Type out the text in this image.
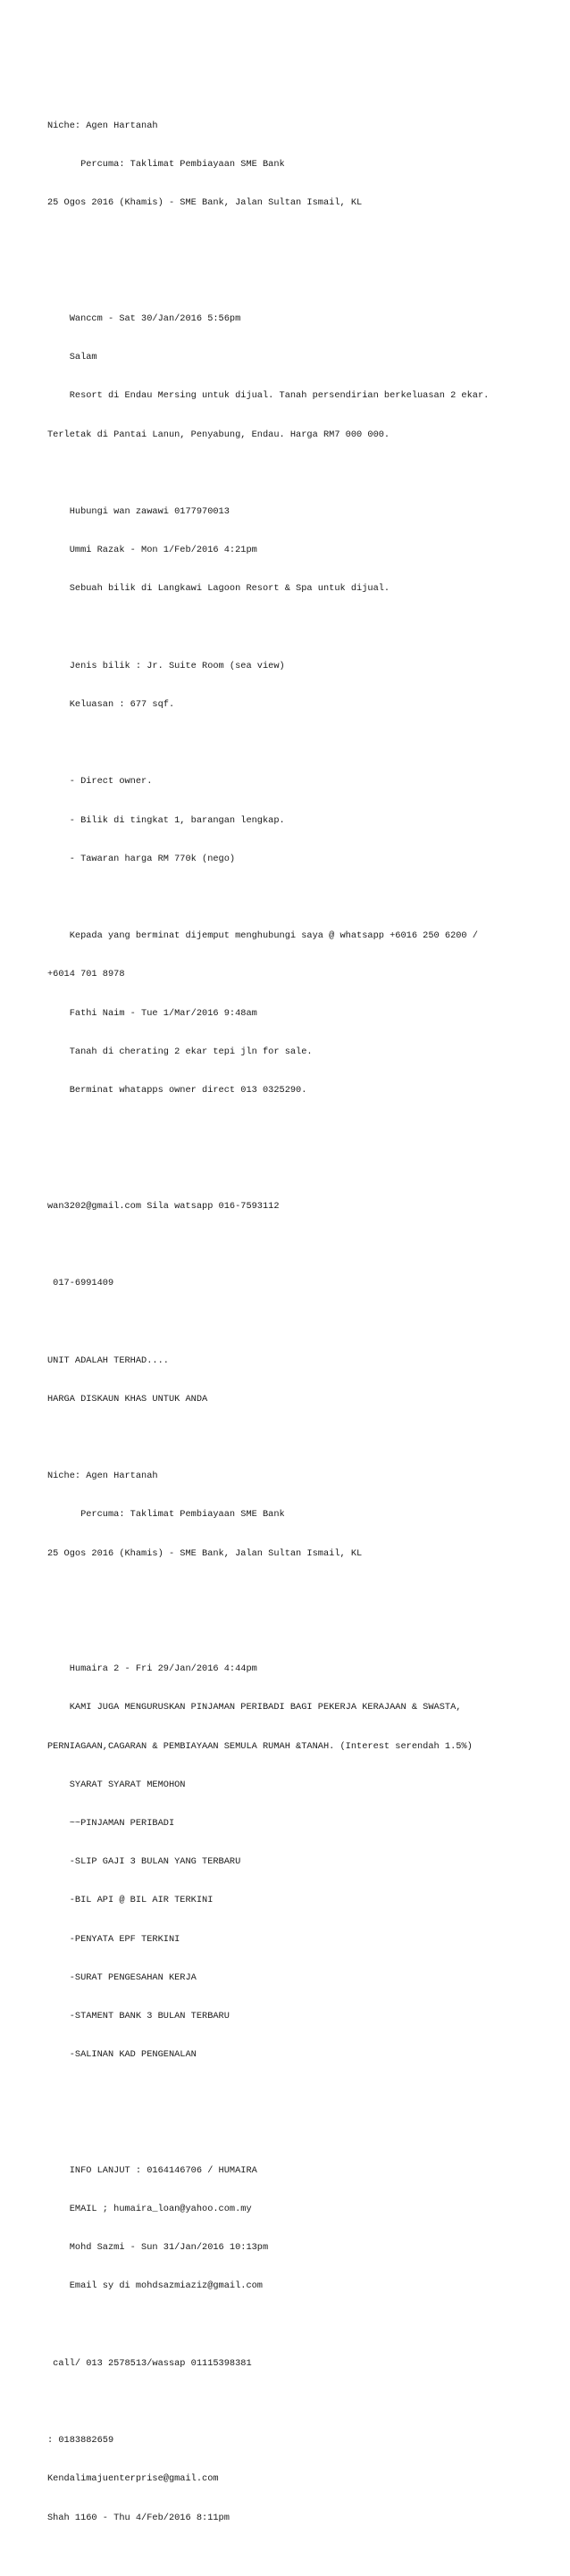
Niche: Agen Hartanah

Percuma: Taklimat Pembiayaan SME Bank

25 Ogos 2016 (Khamis) - SME Bank, Jalan Sultan Ismail, KL

Wanccm - Sat 30/Jan/2016 5:56pm

Salam

Resort di Endau Mersing untuk dijual. Tanah persendirian berkeluasan 2 ekar.

Terletak di Pantai Lanun, Penyabung, Endau. Harga RM7 000 000.

Hubungi wan zawawi 0177970013

Ummi Razak - Mon 1/Feb/2016 4:21pm

Sebuah bilik di Langkawi Lagoon Resort & Spa untuk dijual.

Jenis bilik : Jr. Suite Room (sea view)

Keluasan : 677 sqf.

- Direct owner.

- Bilik di tingkat 1, barangan lengkap.

- Tawaran harga RM 770k (nego)

Kepada yang berminat dijemput menghubungi saya @ whatsapp +6016 250 6200 /

+6014 701 8978

Fathi Naim - Tue 1/Mar/2016 9:48am

Tanah di cherating 2 ekar tepi jln for sale.

Berminat whatapps owner direct 013 0325290.

wan3202@gmail.com Sila watsapp 016-7593112

017-6991409

UNIT ADALAH TERHAD....

HARGA DISKAUN KHAS UNTUK ANDA

Niche: Agen Hartanah

Percuma: Taklimat Pembiayaan SME Bank

25 Ogos 2016 (Khamis) - SME Bank, Jalan Sultan Ismail, KL

Humaira 2 - Fri 29/Jan/2016 4:44pm

KAMI JUGA MENGURUSKAN PINJAMAN PERIBADI BAGI PEKERJA KERAJAAN & SWASTA,

PERNIAGAAN,CAGARAN & PEMBIAYAAN SEMULA RUMAH &TANAH. (Interest serendah 1.5%)

SYARAT SYARAT MEMOHON

~~PINJAMAN PERIBADI

-SLIP GAJI 3 BULAN YANG TERBARU

-BIL API @ BIL AIR TERKINI

-PENYATA EPF TERKINI

-SURAT PENGESAHAN KERJA

-STAMENT BANK 3 BULAN TERBARU

-SALINAN KAD PENGENALAN

INFO LANJUT : 0164146706 / HUMAIRA

EMAIL ; humaira_loan@yahoo.com.my

Mohd Sazmi - Sun 31/Jan/2016 10:13pm

Email sy di mohdsazmiaziz@gmail.com

call/ 013 2578513/wassap 01115398381

: 0183882659

Kendalimajuenterprise@gmail.com

Shah 1160 - Thu 4/Feb/2016 8:11pm
